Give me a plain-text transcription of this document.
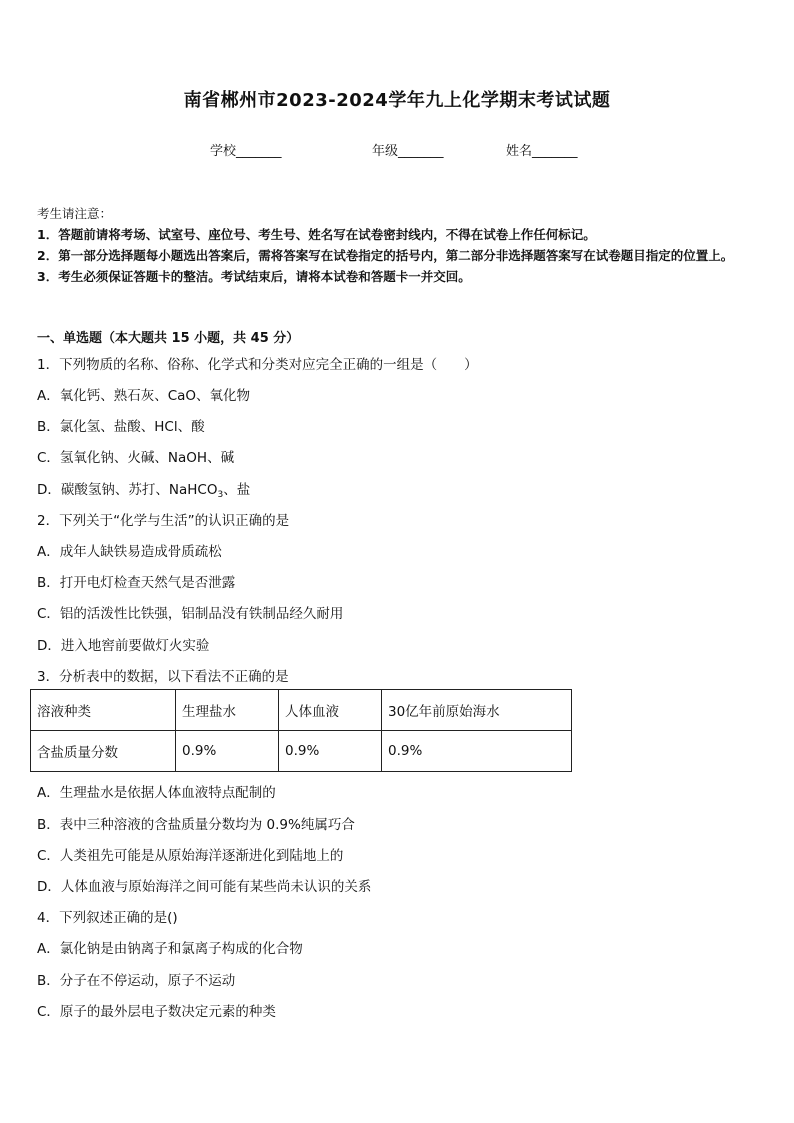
南省郴州市2023-2024学年九上化学期末考试试题
学校_______	年级_______	姓名_______
考生请注意：
1．答题前请将考场、试室号、座位号、考生号、姓名写在试卷密封线内，不得在试卷上作任何标记。
2．第一部分选择题每小题选出答案后，需将答案写在试卷指定的括号内，第二部分非选择题答案写在试卷题目指定的位置上。
3．考生必须保证答题卡的整洁。考试结束后，请将本试卷和答题卡一并交回。
一、单选题（本大题共 15 小题，共 45 分）
1．下列物质的名称、俗称、化学式和分类对应完全正确的一组是（　　）
A．氧化钙、熟石灰、CaO、氧化物
B．氯化氢、盐酸、HCl、酸
C．氢氧化钠、火碱、NaOH、碱
D．碳酸氢钠、苏打、NaHCO$_3$、盐
2．下列关于“化学与生活”的认识正确的是
A．成年人缺铁易造成骨质疏松
B．打开电灯检查天然气是否泄露
C．铝的活泼性比铁强，铝制品没有铁制品经久耐用
D．进入地窖前要做灯火实验
3．分析表中的数据，以下看法不正确的是
溶液种类	生理盐水	人体血液	30亿年前原始海水
含盐质量分数	0.9%	0.9%	0.9%
A．生理盐水是依据人体血液特点配制的
B．表中三种溶液的含盐质量分数均为 0.9%纯属巧合
C．人类祖先可能是从原始海洋逐渐进化到陆地上的
D．人体血液与原始海洋之间可能有某些尚未认识的关系
4．下列叙述正确的是()
A．氯化钠是由钠离子和氯离子构成的化合物
B．分子在不停运动，原子不运动
C．原子的最外层电子数决定元素的种类
